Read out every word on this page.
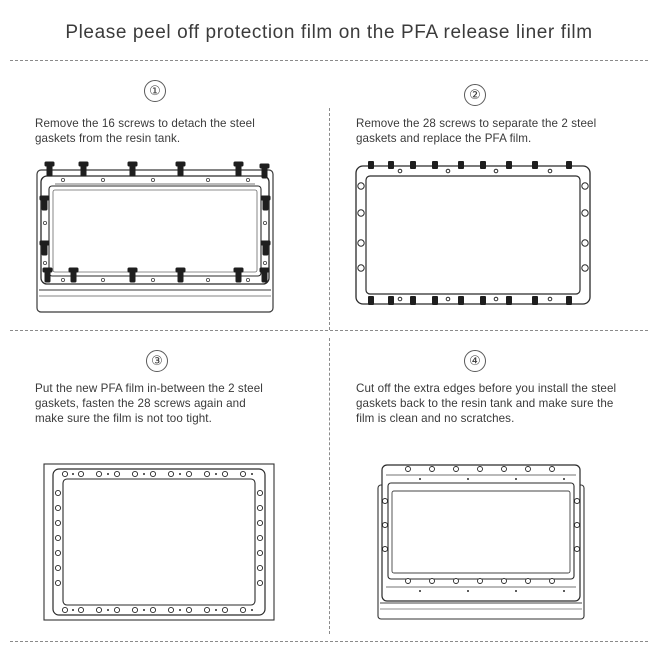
Please peel off protection film on the PFA release liner film
①
Remove the 16 screws to detach the steel
gaskets from the resin tank.
②
Remove the 28 screws to separate the 2 steel
gaskets and replace the PFA film.
③
Put the new PFA film in-between the 2 steel
gaskets, fasten the 28 screws again and
make sure the film is not too tight.
④
Cut off the extra edges before you install the steel
gaskets back to the resin tank and make sure the
film is clean and no scratches.
